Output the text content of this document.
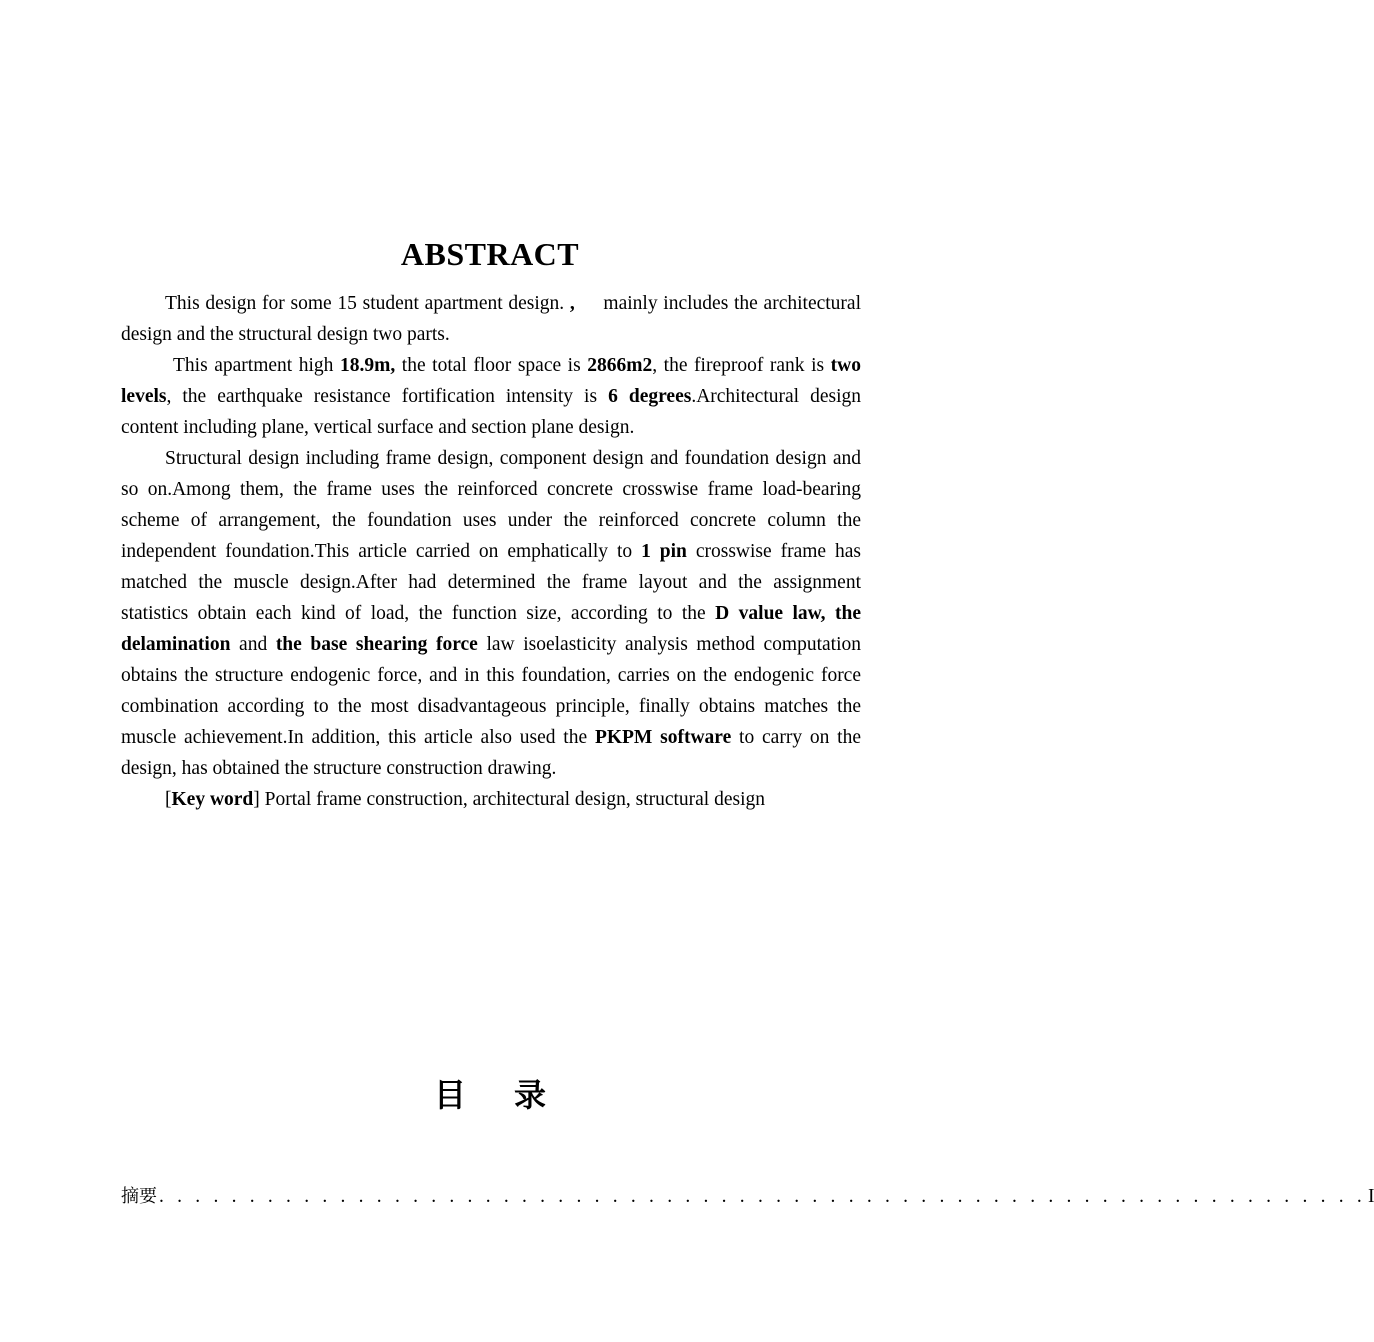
ABSTRACT

This design for some 15 student apartment design. ,     mainly includes the architectural design and the structural design two parts.

This apartment high 18.9m, the total floor space is 2866m2, the fireproof rank is two levels, the earthquake resistance fortification intensity is 6 degrees.Architectural design content including plane, vertical surface and section plane design.

Structural design including frame design, component design and foundation design and so on.Among them, the frame uses the reinforced concrete crosswise frame load-bearing scheme of arrangement, the foundation uses under the reinforced concrete column the independent foundation.This article carried on emphatically to 1 pin crosswise frame has matched the muscle design.After had determined the frame layout and the assignment statistics obtain each kind of load, the function size, according to the D value law, the delamination and the base shearing force law isoelasticity analysis method computation obtains the structure endogenic force, and in this foundation, carries on the endogenic force combination according to the most disadvantageous principle, finally obtains matches the muscle achievement.In addition, this article also used the PKPM software to carry on the design, has obtained the structure construction drawing.

[Key word] Portal frame construction, architectural design, structural design

目 录
摘要 . . . . . . . . . . . . . . . . . . . . . . . . . . . . . . . . . . . . . . . . . . . . . . . . . . . . . . . . . . . . . . . . . . . I
